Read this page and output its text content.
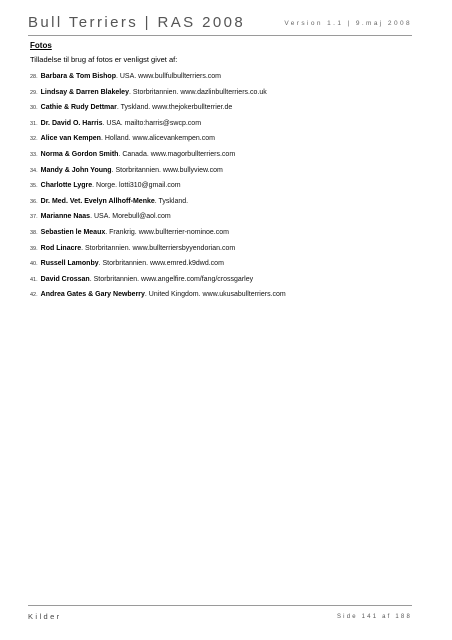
Bull Terriers | RAS 2008	Version 1.1 | 9.maj 2008

Fotos

Tilladelse til brug af fotos er venligst givet af:

28. Barbara & Tom Bishop. USA. www.bullfulbullterriers.com
29. Lindsay & Darren Blakeley. Storbritannien. www.dazlinbullterriers.co.uk
30. Cathie & Rudy Dettmar. Tyskland. www.thejokerbullterrier.de
31. Dr. David O. Harris. USA. mailto:harris@swcp.com
32. Alice van Kempen. Holland. www.alicevankempen.com
33. Norma & Gordon Smith. Canada. www.magorbullterriers.com
34. Mandy & John Young. Storbritannien. www.bullyview.com
35. Charlotte Lygre. Norge. lotti310@gmail.com
36. Dr. Med. Vet. Evelyn Allhoff-Menke. Tyskland.
37. Marianne Naas. USA. Morebull@aol.com
38. Sebastien le Meaux. Frankrig. www.bullterrier-nominoe.com
39. Rod Linacre. Storbritannien. www.bullterriersbyyendorian.com
40. Russell Lamonby. Storbritannien. www.emred.k9dwd.com
41. David Crossan. Storbritannien. www.angelfire.com/fang/crossgarley
42. Andrea Gates & Gary Newberry. United Kingdom. www.ukusabullterriers.com
Kilder	Side 141 af 188
